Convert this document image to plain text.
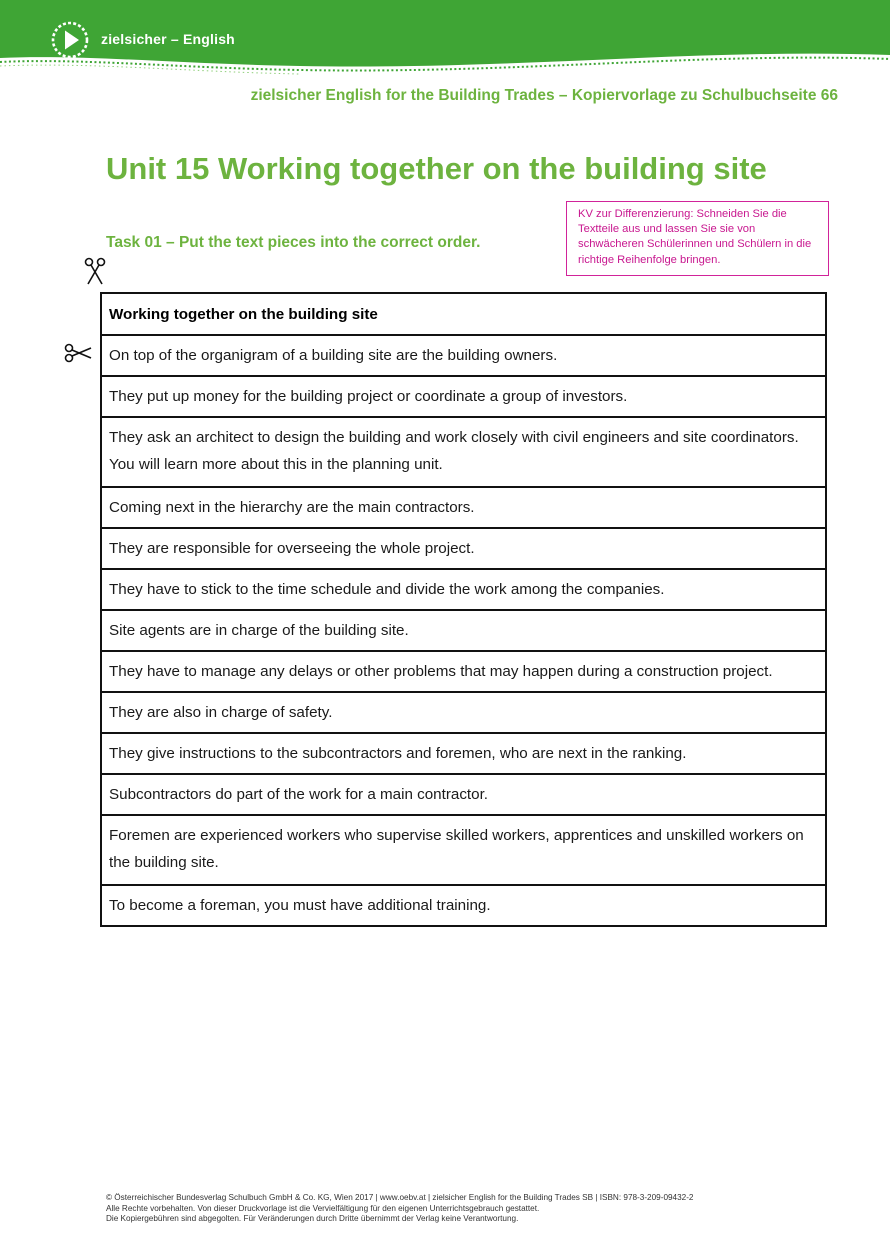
zielsicher – English
zielsicher English for the Building Trades – Kopiervorlage zu Schulbuchseite 66
Unit 15 Working together on the building site
KV zur Differenzierung: Schneiden Sie die Textteile aus und lassen Sie sie von schwächeren Schülerinnen und Schülern in die richtige Reihenfolge bringen.
Task 01 – Put the text pieces into the correct order.
Working together on the building site
On top of the organigram of a building site are the building owners.
They put up money for the building project or coordinate a group of investors.
They ask an architect to design the building and work closely with civil engineers and site coordinators. You will learn more about this in the planning unit.
Coming next in the hierarchy are the main contractors.
They are responsible for overseeing the whole project.
They have to stick to the time schedule and divide the work among the companies.
Site agents are in charge of the building site.
They have to manage any delays or other problems that may happen during a construction project.
They are also in charge of safety.
They give instructions to the subcontractors and foremen, who are next in the ranking.
Subcontractors do part of the work for a main contractor.
Foremen are experienced workers who supervise skilled workers, apprentices and unskilled workers on the building site.
To become a foreman, you must have additional training.
© Österreichischer Bundesverlag Schulbuch GmbH & Co. KG, Wien 2017 | www.oebv.at | zielsicher English for the Building Trades SB | ISBN: 978-3-209-09432-2
Alle Rechte vorbehalten. Von dieser Druckvorlage ist die Vervielfältigung für den eigenen Unterrichtsgebrauch gestattet.
Die Kopiergebühren sind abgegolten. Für Veränderungen durch Dritte übernimmt der Verlag keine Verantwortung.
